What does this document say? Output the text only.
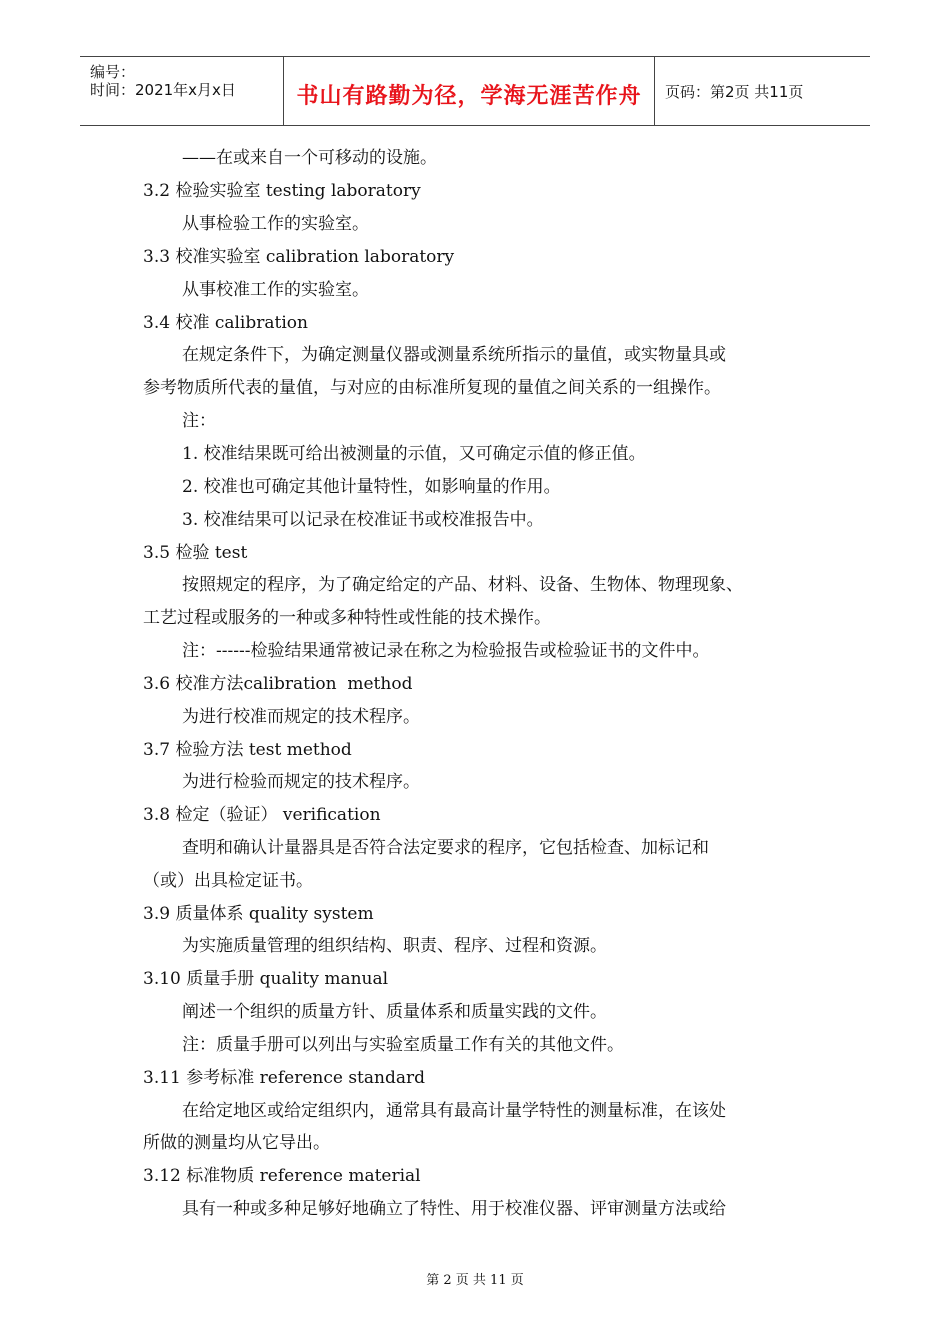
编号：
时间：2021年x月x日	书山有路勤为径，学海无涯苦作舟	页码：第2页 共11页
——在或来自一个可移动的设施。
3.2 检验实验室 testing laboratory
从事检验工作的实验室。
3.3 校准实验室 calibration laboratory
从事校准工作的实验室。
3.4 校准 calibration
在规定条件下，为确定测量仪器或测量系统所指示的量值，或实物量具或
参考物质所代表的量值，与对应的由标准所复现的量值之间关系的一组操作。
注：
1. 校准结果既可给出被测量的示值，又可确定示值的修正值。
2. 校准也可确定其他计量特性，如影响量的作用。
3. 校准结果可以记录在校准证书或校准报告中。
3.5 检验 test
按照规定的程序，为了确定给定的产品、材料、设备、生物体、物理现象、
工艺过程或服务的一种或多种特性或性能的技术操作。
注：------检验结果通常被记录在称之为检验报告或检验证书的文件中。
3.6 校准方法calibration  method
为进行校准而规定的技术程序。
3.7 检验方法 test method
为进行检验而规定的技术程序。
3.8 检定（验证） verification
查明和确认计量器具是否符合法定要求的程序，它包括检查、加标记和
（或）出具检定证书。
3.9 质量体系 quality system
为实施质量管理的组织结构、职责、程序、过程和资源。
3.10 质量手册 quality manual
阐述一个组织的质量方针、质量体系和质量实践的文件。
注：质量手册可以列出与实验室质量工作有关的其他文件。
3.11 参考标准 reference standard
在给定地区或给定组织内，通常具有最高计量学特性的测量标准，在该处
所做的测量均从它导出。
3.12 标准物质 reference material
具有一种或多种足够好地确立了特性、用于校准仪器、评审测量方法或给
第 2 页 共 11 页
